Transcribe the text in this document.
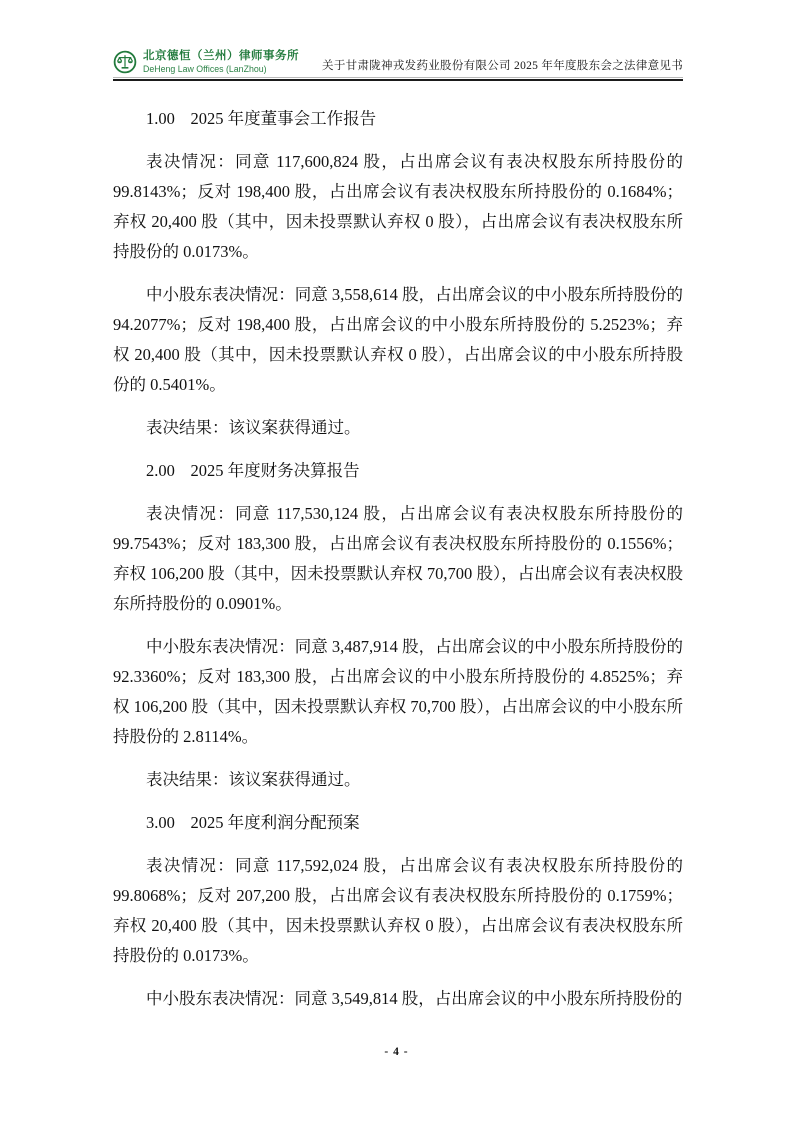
北京德恒（兰州）律师事务所
DeHeng Law Offices (LanZhou)	关于甘肃陇神戎发药业股份有限公司 2025 年年度股东会之法律意见书
1.00 2025 年度董事会工作报告

表决情况：同意 117,600,824 股，占出席会议有表决权股东所持股份的 99.8143%；反对 198,400 股，占出席会议有表决权股东所持股份的 0.1684%；弃权 20,400 股（其中，因未投票默认弃权 0 股），占出席会议有表决权股东所持股份的 0.0173%。

中小股东表决情况：同意 3,558,614 股，占出席会议的中小股东所持股份的 94.2077%；反对 198,400 股，占出席会议的中小股东所持股份的 5.2523%；弃权 20,400 股（其中，因未投票默认弃权 0 股），占出席会议的中小股东所持股份的 0.5401%。

表决结果：该议案获得通过。

2.00 2025 年度财务决算报告

表决情况：同意 117,530,124 股，占出席会议有表决权股东所持股份的 99.7543%；反对 183,300 股，占出席会议有表决权股东所持股份的 0.1556%；弃权 106,200 股（其中，因未投票默认弃权 70,700 股），占出席会议有表决权股东所持股份的 0.0901%。

中小股东表决情况：同意 3,487,914 股，占出席会议的中小股东所持股份的 92.3360%；反对 183,300 股，占出席会议的中小股东所持股份的 4.8525%；弃权 106,200 股（其中，因未投票默认弃权 70,700 股），占出席会议的中小股东所持股份的 2.8114%。

表决结果：该议案获得通过。

3.00 2025 年度利润分配预案

表决情况：同意 117,592,024 股，占出席会议有表决权股东所持股份的 99.8068%；反对 207,200 股，占出席会议有表决权股东所持股份的 0.1759%；弃权 20,400 股（其中，因未投票默认弃权 0 股），占出席会议有表决权股东所持股份的 0.0173%。

中小股东表决情况：同意 3,549,814 股，占出席会议的中小股东所持股份的

- 4 -
